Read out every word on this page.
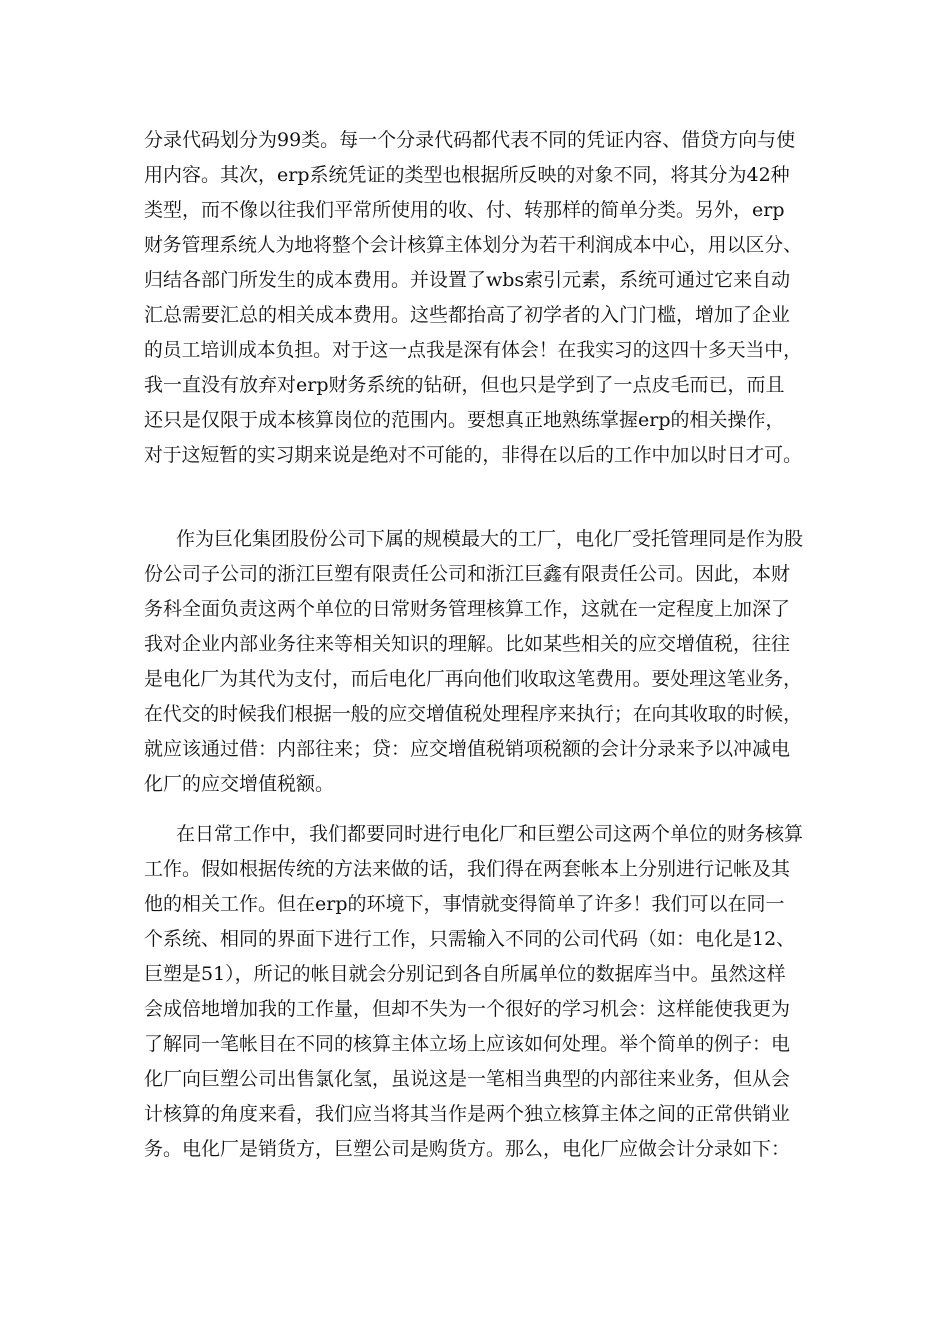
分录代码划分为99类。每一个分录代码都代表不同的凭证内容、借贷方向与使
用内容。其次，erp系统凭证的类型也根据所反映的对象不同，将其分为42种
类型，而不像以往我们平常所使用的收、付、转那样的简单分类。另外，erp
财务管理系统人为地将整个会计核算主体划分为若干利润成本中心，用以区分、
归结各部门所发生的成本费用。并设置了wbs索引元素，系统可通过它来自动
汇总需要汇总的相关成本费用。这些都抬高了初学者的入门门槛，增加了企业
的员工培训成本负担。对于这一点我是深有体会！在我实习的这四十多天当中，
我一直没有放弃对erp财务系统的钻研，但也只是学到了一点皮毛而已，而且
还只是仅限于成本核算岗位的范围内。要想真正地熟练掌握erp的相关操作，
对于这短暂的实习期来说是绝对不可能的，非得在以后的工作中加以时日才可。
作为巨化集团股份公司下属的规模最大的工厂，电化厂受托管理同是作为股
份公司子公司的浙江巨塑有限责任公司和浙江巨鑫有限责任公司。因此，本财
务科全面负责这两个单位的日常财务管理核算工作，这就在一定程度上加深了
我对企业内部业务往来等相关知识的理解。比如某些相关的应交增值税，往往
是电化厂为其代为支付，而后电化厂再向他们收取这笔费用。要处理这笔业务，
在代交的时候我们根据一般的应交增值税处理程序来执行；在向其收取的时候，
就应该通过借：内部往来；贷：应交增值税销项税额的会计分录来予以冲减电
化厂的应交增值税额。
在日常工作中，我们都要同时进行电化厂和巨塑公司这两个单位的财务核算
工作。假如根据传统的方法来做的话，我们得在两套帐本上分别进行记帐及其
他的相关工作。但在erp的环境下，事情就变得简单了许多！我们可以在同一
个系统、相同的界面下进行工作，只需输入不同的公司代码（如：电化是12、
巨塑是51），所记的帐目就会分别记到各自所属单位的数据库当中。虽然这样
会成倍地增加我的工作量，但却不失为一个很好的学习机会：这样能使我更为
了解同一笔帐目在不同的核算主体立场上应该如何处理。举个简单的例子：电
化厂向巨塑公司出售氯化氢，虽说这是一笔相当典型的内部往来业务，但从会
计核算的角度来看，我们应当将其当作是两个独立核算主体之间的正常供销业
务。电化厂是销货方，巨塑公司是购货方。那么，电化厂应做会计分录如下：
